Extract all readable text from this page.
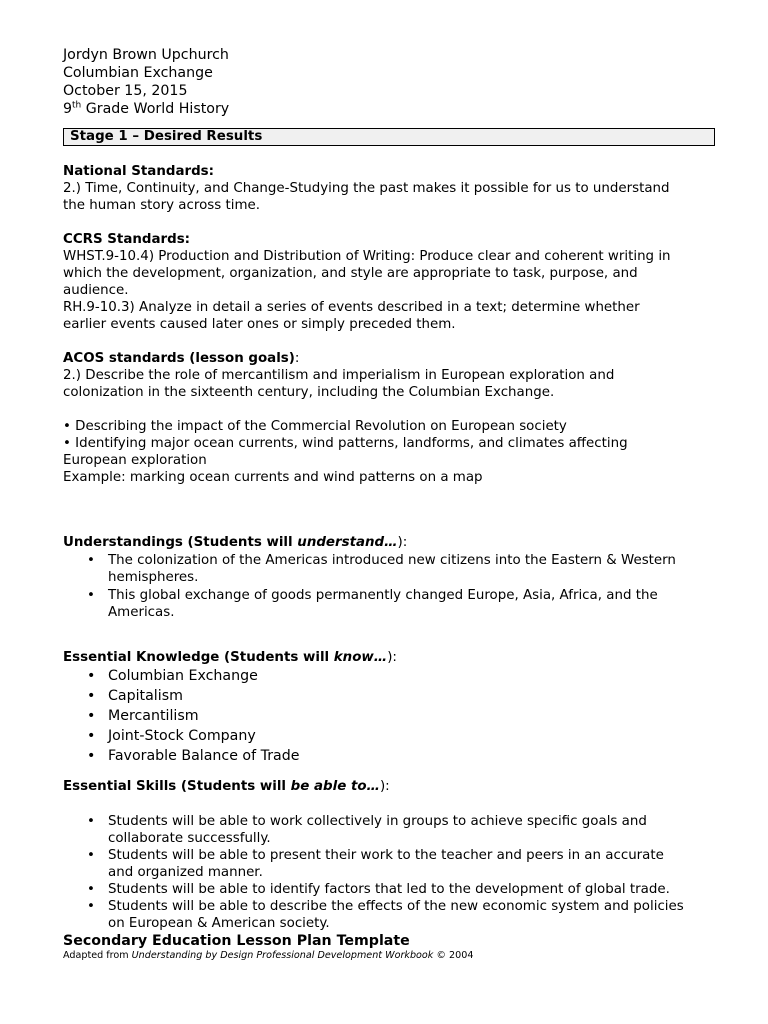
Jordyn Brown Upchurch
Columbian Exchange
October 15, 2015
9th Grade World History
Stage 1 – Desired Results
National Standards:
2.) Time, Continuity, and Change-Studying the past makes it possible for us to understand
the human story across time.
CCRS Standards:
WHST.9-10.4) Production and Distribution of Writing: Produce clear and coherent writing in
which the development, organization, and style are appropriate to task, purpose, and
audience.
RH.9-10.3) Analyze in detail a series of events described in a text; determine whether
earlier events caused later ones or simply preceded them.
ACOS standards (lesson goals):
2.) Describe the role of mercantilism and imperialism in European exploration and
colonization in the sixteenth century, including the Columbian Exchange.
• Describing the impact of the Commercial Revolution on European society
• Identifying major ocean currents, wind patterns, landforms, and climates affecting
European exploration
Example: marking ocean currents and wind patterns on a map
Understandings (Students will understand…):
• The colonization of the Americas introduced new citizens into the Eastern & Western
hemispheres.
• This global exchange of goods permanently changed Europe, Asia, Africa, and the
Americas.
Essential Knowledge (Students will know…):
• Columbian Exchange
• Capitalism
• Mercantilism
• Joint-Stock Company
• Favorable Balance of Trade
Essential Skills (Students will be able to…):
• Students will be able to work collectively in groups to achieve specific goals and
collaborate successfully.
• Students will be able to present their work to the teacher and peers in an accurate
and organized manner.
• Students will be able to identify factors that led to the development of global trade.
• Students will be able to describe the effects of the new economic system and policies
on European & American society.
Secondary Education Lesson Plan Template
Adapted from Understanding by Design Professional Development Workbook © 2004
